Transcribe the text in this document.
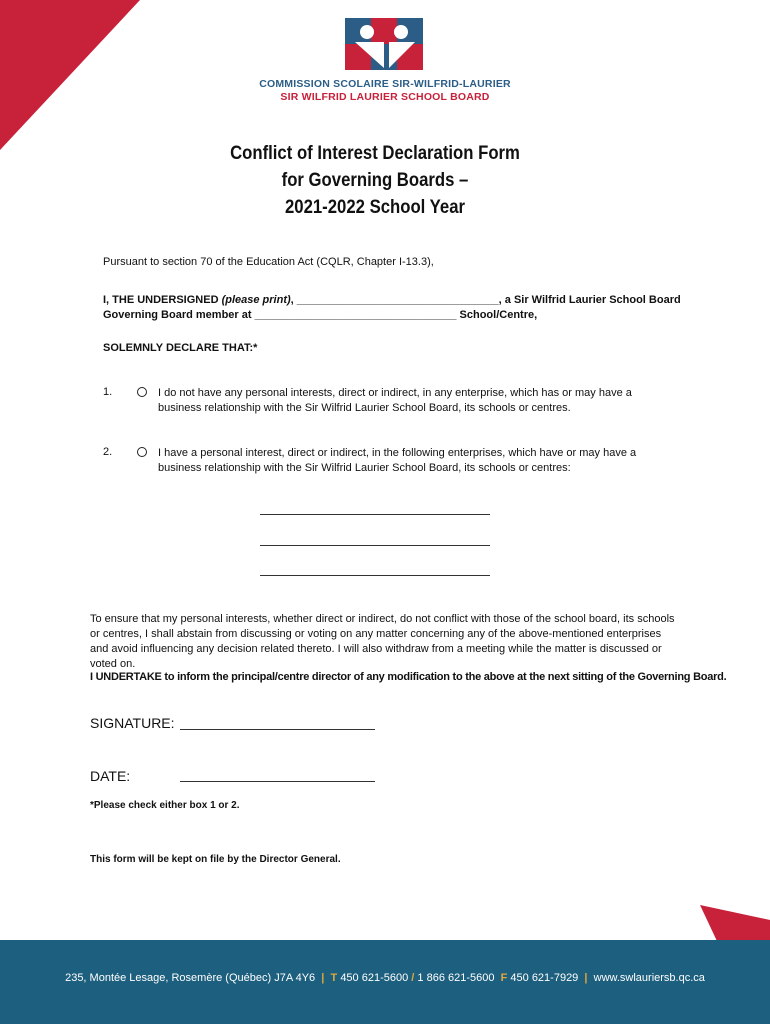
COMMISSION SCOLAIRE SIR-WILFRID-LAURIER
SIR WILFRID LAURIER SCHOOL BOARD
Conflict of Interest Declaration Form
for Governing Boards –
2021-2022 School Year
Pursuant to section 70 of the Education Act (CQLR, Chapter I-13.3),
I, THE UNDERSIGNED (please print), _________________________________, a Sir Wilfrid Laurier School Board
Governing Board member at _________________________________ School/Centre,
SOLEMNLY DECLARE THAT:*
1.	I do not have any personal interests, direct or indirect, in any enterprise, which has or may have a business relationship with the Sir Wilfrid Laurier School Board, its schools or centres.
2.	I have a personal interest, direct or indirect, in the following enterprises, which have or may have a business relationship with the Sir Wilfrid Laurier School Board, its schools or centres:
To ensure that my personal interests, whether direct or indirect, do not conflict with those of the school board, its schools or centres, I shall abstain from discussing or voting on any matter concerning any of the above-mentioned enterprises and avoid influencing any decision related thereto. I will also withdraw from a meeting while the matter is discussed or voted on.
I UNDERTAKE to inform the principal/centre director of any modification to the above at the next sitting of the Governing Board.
SIGNATURE:
DATE:
*Please check either box 1 or 2.
This form will be kept on file by the Director General.
235, Montée Lesage, Rosemère (Québec) J7A 4Y6  |  T 450 621-5600 / 1 866 621-5600 F 450 621-7929  |  www.swlauriersb.qc.ca
